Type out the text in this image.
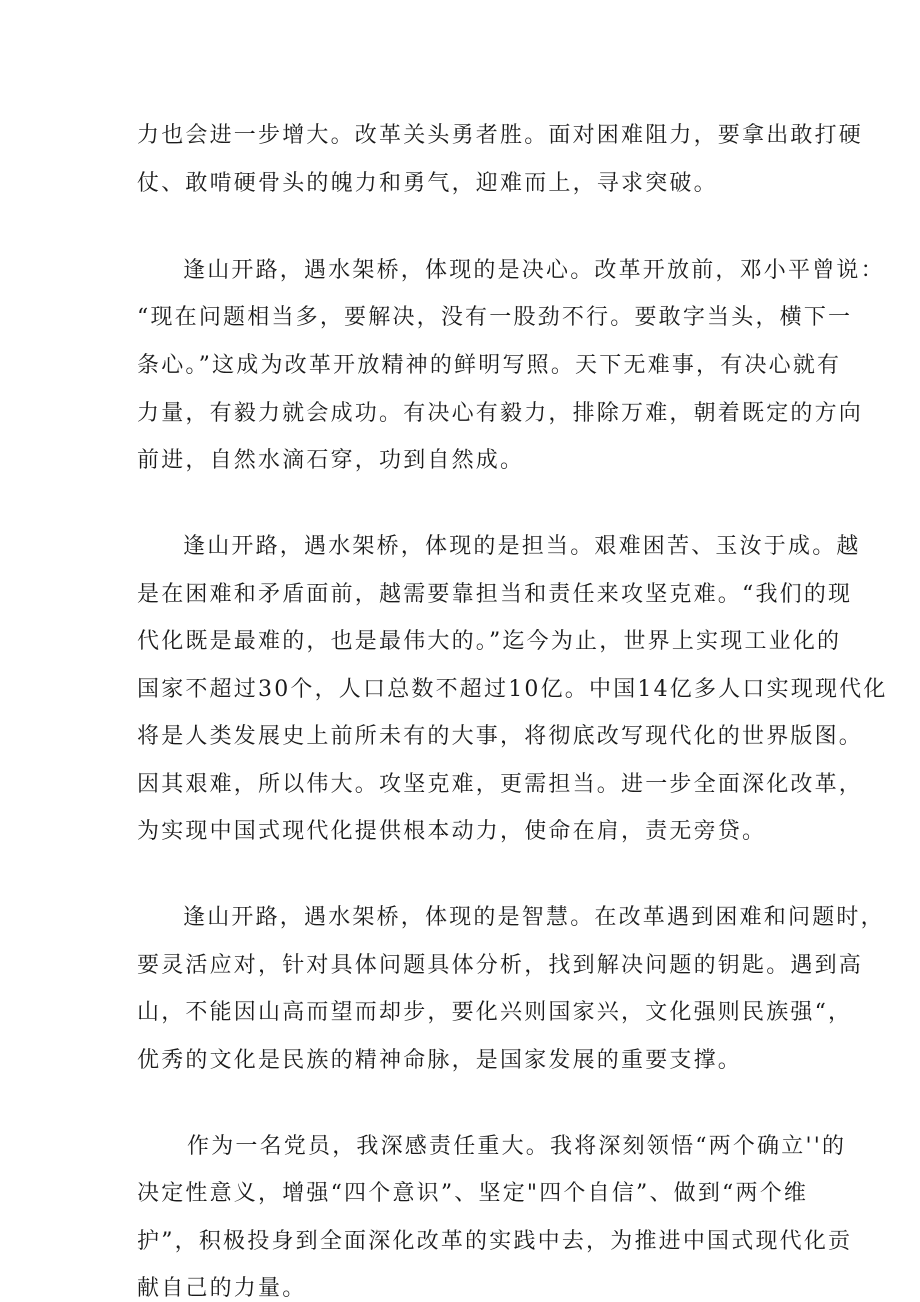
力也会进一步增大。改革关头勇者胜。面对困难阻力，要拿出敢打硬
仗、敢啃硬骨头的魄力和勇气，迎难而上，寻求突破。
逢山开路，遇水架桥，体现的是决心。改革开放前，邓小平曾说：
“现在问题相当多，要解决，没有一股劲不行。要敢字当头，横下一
条心。”这成为改革开放精神的鲜明写照。天下无难事，有决心就有
力量，有毅力就会成功。有决心有毅力，排除万难，朝着既定的方向
前进，自然水滴石穿，功到自然成。
逢山开路，遇水架桥，体现的是担当。艰难困苦、玉汝于成。越
是在困难和矛盾面前，越需要靠担当和责任来攻坚克难。“我们的现
代化既是最难的，也是最伟大的。”迄今为止，世界上实现工业化的
国家不超过30个，人口总数不超过10亿。中国14亿多人口实现现代化
将是人类发展史上前所未有的大事，将彻底改写现代化的世界版图。
因其艰难，所以伟大。攻坚克难，更需担当。进一步全面深化改革，
为实现中国式现代化提供根本动力，使命在肩，责无旁贷。
逢山开路，遇水架桥，体现的是智慧。在改革遇到困难和问题时，
要灵活应对，针对具体问题具体分析，找到解决问题的钥匙。遇到高
山，不能因山高而望而却步，要化兴则国家兴，文化强则民族强“，
优秀的文化是民族的精神命脉，是国家发展的重要支撑。
作为一名党员，我深感责任重大。我将深刻领悟“两个确立''的
决定性意义，增强“四个意识”、坚定"四个自信”、做到“两个维
护”，积极投身到全面深化改革的实践中去，为推进中国式现代化贡
献自己的力量。
